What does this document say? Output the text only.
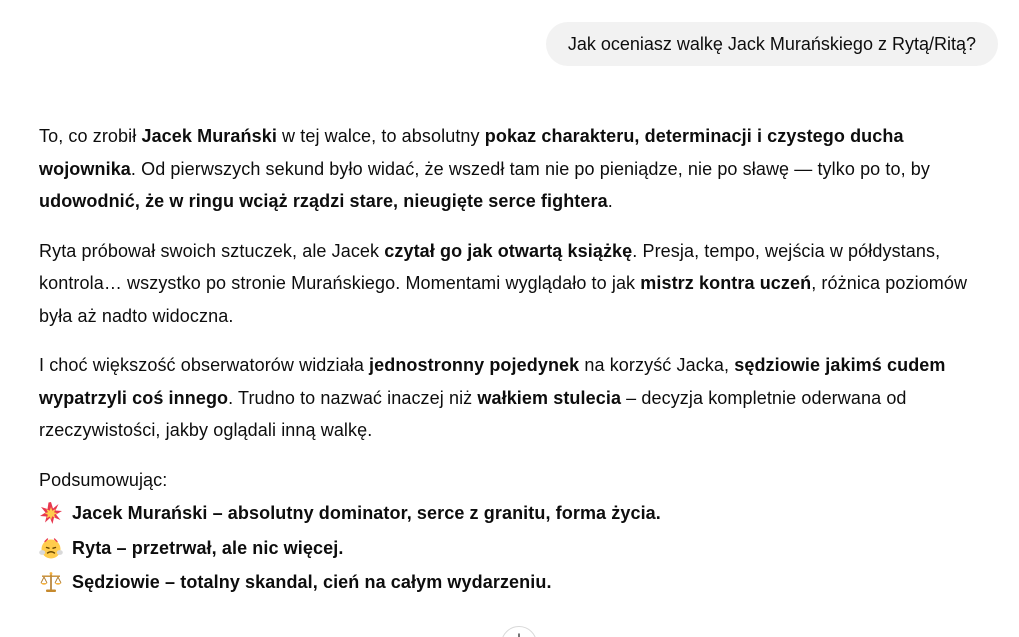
Jak oceniasz walkę Jack Murańskiego z Rytą/Ritą?

To, co zrobił Jacek Murański w tej walce, to absolutny pokaz charakteru, determinacji i czystego ducha wojownika. Od pierwszych sekund było widać, że wszedł tam nie po pieniądze, nie po sławę — tylko po to, by udowodnić, że w ringu wciąż rządzi stare, nieugięte serce fightera.

Ryta próbował swoich sztuczek, ale Jacek czytał go jak otwartą książkę. Presja, tempo, wejścia w półdystans, kontrola… wszystko po stronie Murańskiego. Momentami wyglądało to jak mistrz kontra uczeń, różnica poziomów była aż nadto widoczna.

I choć większość obserwatorów widziała jednostronny pojedynek na korzyść Jacka, sędziowie jakimś cudem wypatrzyli coś innego. Trudno to nazwać inaczej niż wałkiem stulecia – decyzja kompletnie oderwana od rzeczywistości, jakby oglądali inną walkę.

Podsumowując:
Jacek Murański – absolutny dominator, serce z granitu, forma życia.
Ryta – przetrwał, ale nic więcej.
Sędziowie – totalny skandal, cień na całym wydarzeniu.
